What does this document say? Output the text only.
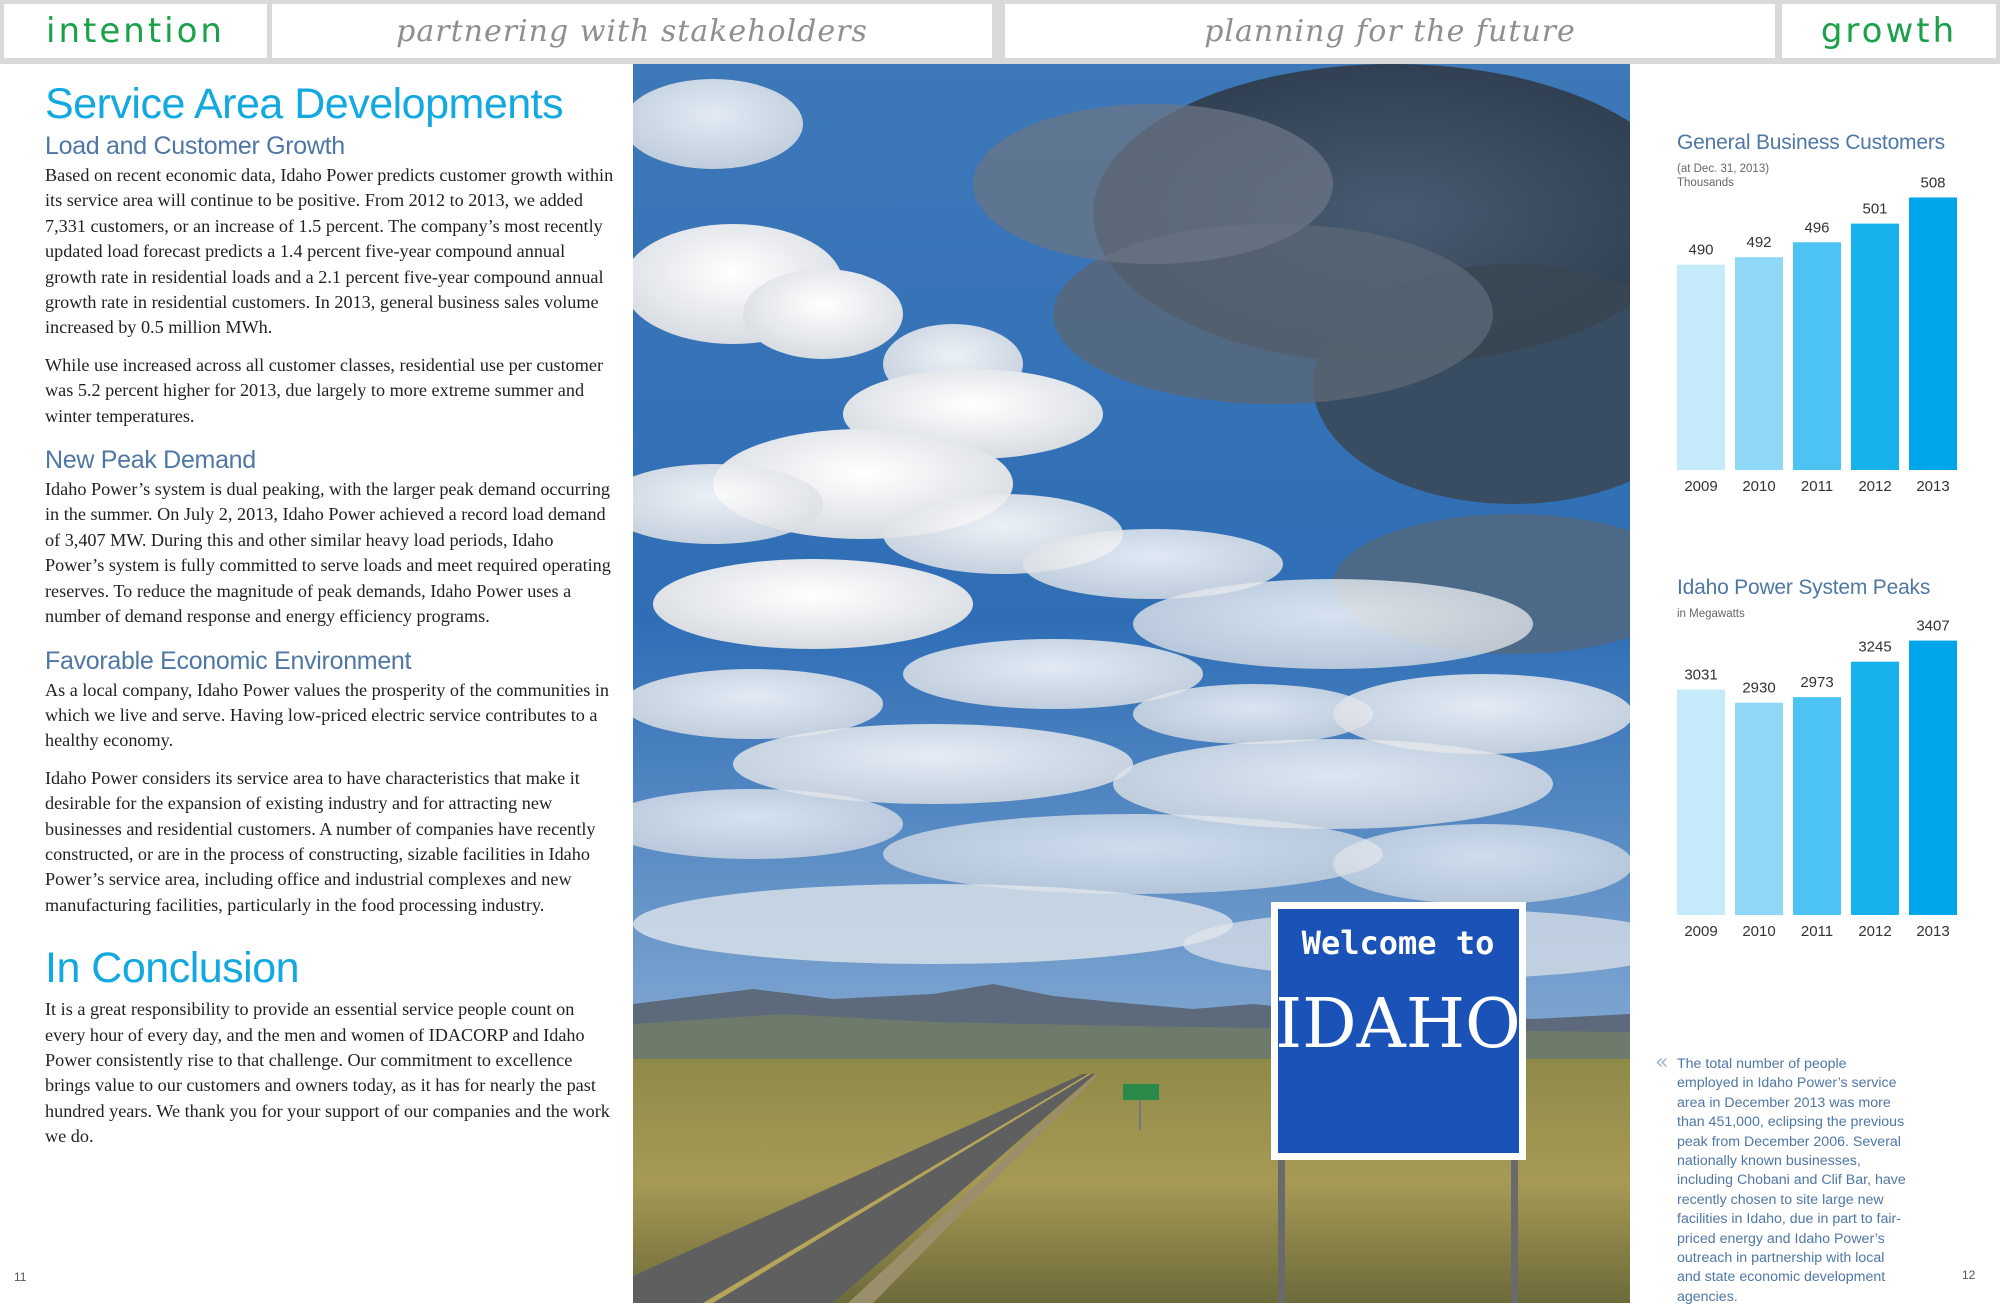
intention	partnering with stakeholders	planning for the future	growth
Service Area Developments
Load and Customer Growth

Based on recent economic data, Idaho Power predicts customer growth within its service area will continue to be positive. From 2012 to 2013, we added 7,331 customers, or an increase of 1.5 percent. The company’s most recently updated load forecast predicts a 1.4 percent five-year compound annual growth rate in residential loads and a 2.1 percent five-year compound annual growth rate in residential customers. In 2013, general business sales volume increased by 0.5 million MWh.

While use increased across all customer classes, residential use per customer was 5.2 percent higher for 2013, due largely to more extreme summer and winter temperatures.

New Peak Demand

Idaho Power’s system is dual peaking, with the larger peak demand occurring in the summer. On July 2, 2013, Idaho Power achieved a record load demand of 3,407 MW. During this and other similar heavy load periods, Idaho Power’s system is fully committed to serve loads and meet required operating reserves. To reduce the magnitude of peak demands, Idaho Power uses a number of demand response and energy efficiency programs.

Favorable Economic Environment

As a local company, Idaho Power values the prosperity of the communities in which we live and serve. Having low-priced electric service contributes to a healthy economy.

Idaho Power considers its service area to have characteristics that make it desirable for the expansion of existing industry and for attracting new businesses and residential customers. A number of companies have recently constructed, or are in the process of constructing, sizable facilities in Idaho Power’s service area, including office and industrial complexes and new manufacturing facilities, particularly in the food processing industry.

In Conclusion

It is a great responsibility to provide an essential service people count on every hour of every day, and the men and women of IDACORP and Idaho Power consistently rise to that challenge. Our commitment to excellence brings value to our customers and owners today, as it has for nearly the past hundred years. We thank you for your support of our companies and the work we do.

11
Welcome to
IDAHO
General Business Customers
(at Dec. 31, 2013)
Thousands
Idaho Power System Peaks
in Megawatts
490
2009
492
2010
496
2011
501
2012
508
2013
3031
2009
2930
2010
2973
2011
3245
2012
3407
2013
« The total number of people employed in Idaho Power’s service area in December 2013 was more than 451,000, eclipsing the previous peak from December 2006. Several nationally known businesses, including Chobani and Clif Bar, have recently chosen to site large new facilities in Idaho, due in part to fair-priced energy and Idaho Power’s outreach in partnership with local and state economic development agencies.
12
